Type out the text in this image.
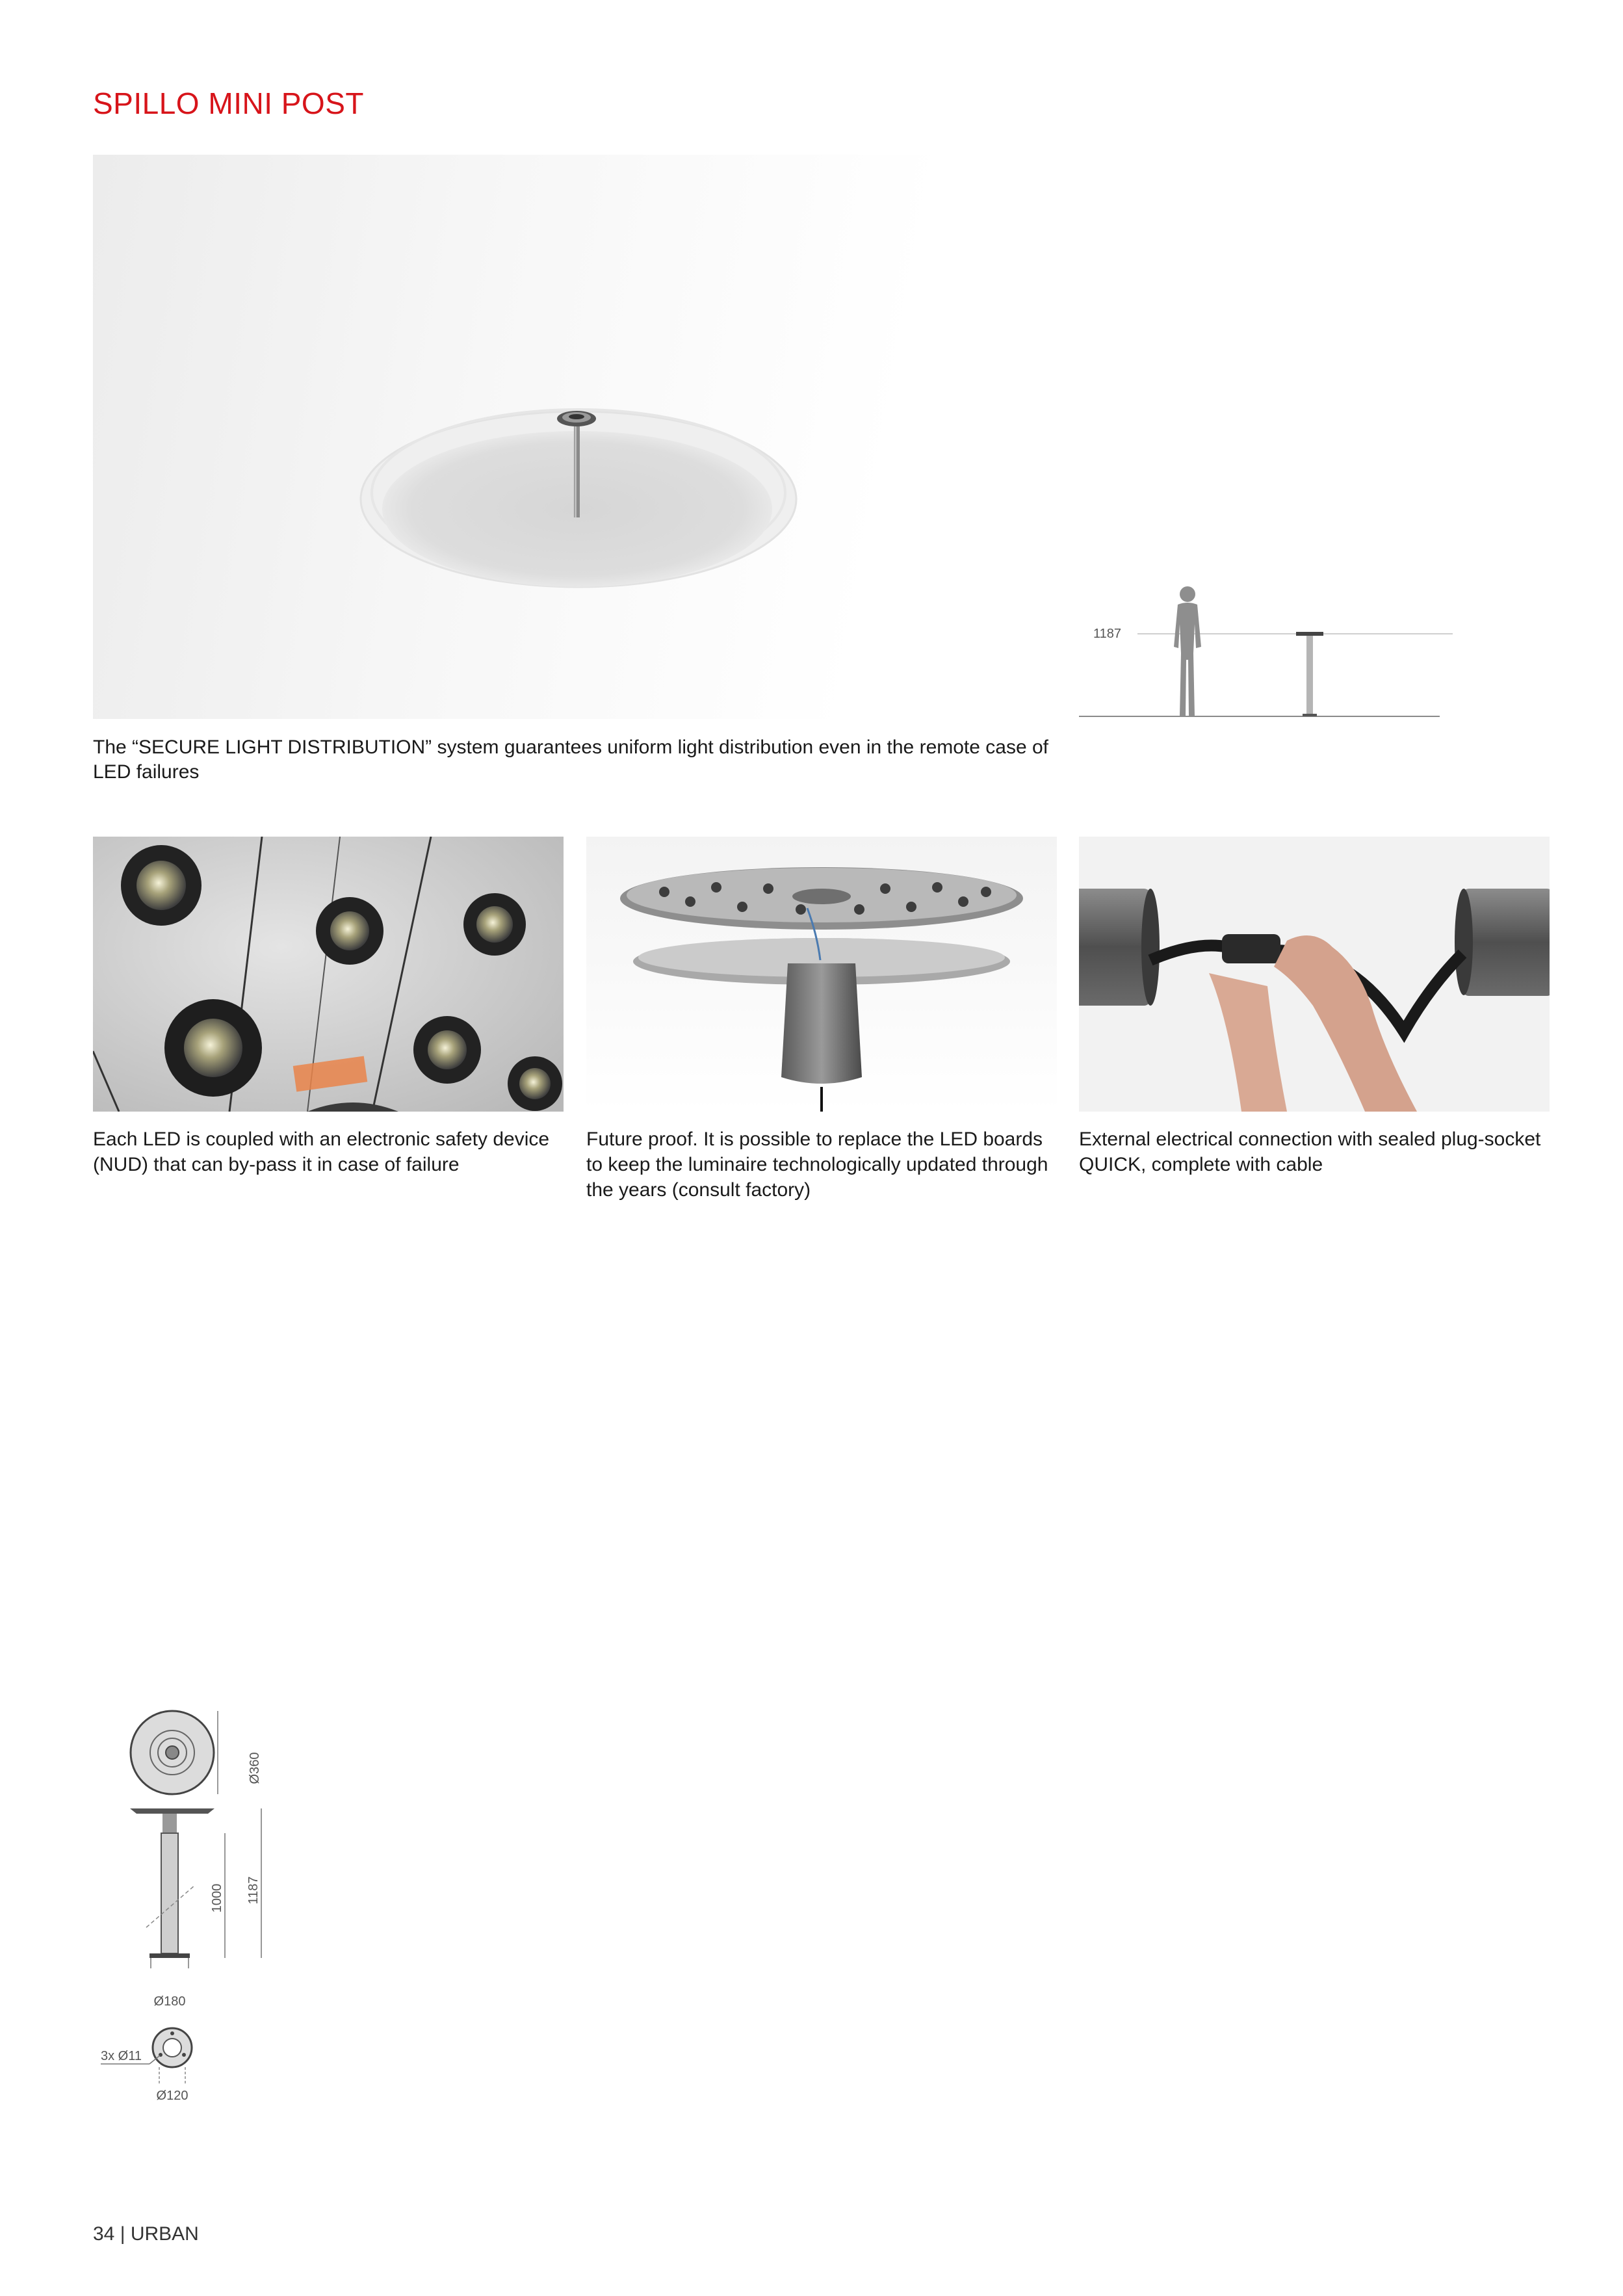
SPILLO MINI POST
1187
The “SECURE LIGHT DISTRIBUTION” system guarantees uniform light distribution even in the remote case of LED failures
Each LED is coupled with an electronic safety device (NUD) that can by-pass it in case of failure
Future proof. It is possible to replace the LED boards to keep the luminaire technologically updated through the years (consult factory)
External electrical connection with sealed plug-socket QUICK, complete with cable
Ø360
1000 1187
Ø180
3x Ø11
Ø120
34 | URBAN
